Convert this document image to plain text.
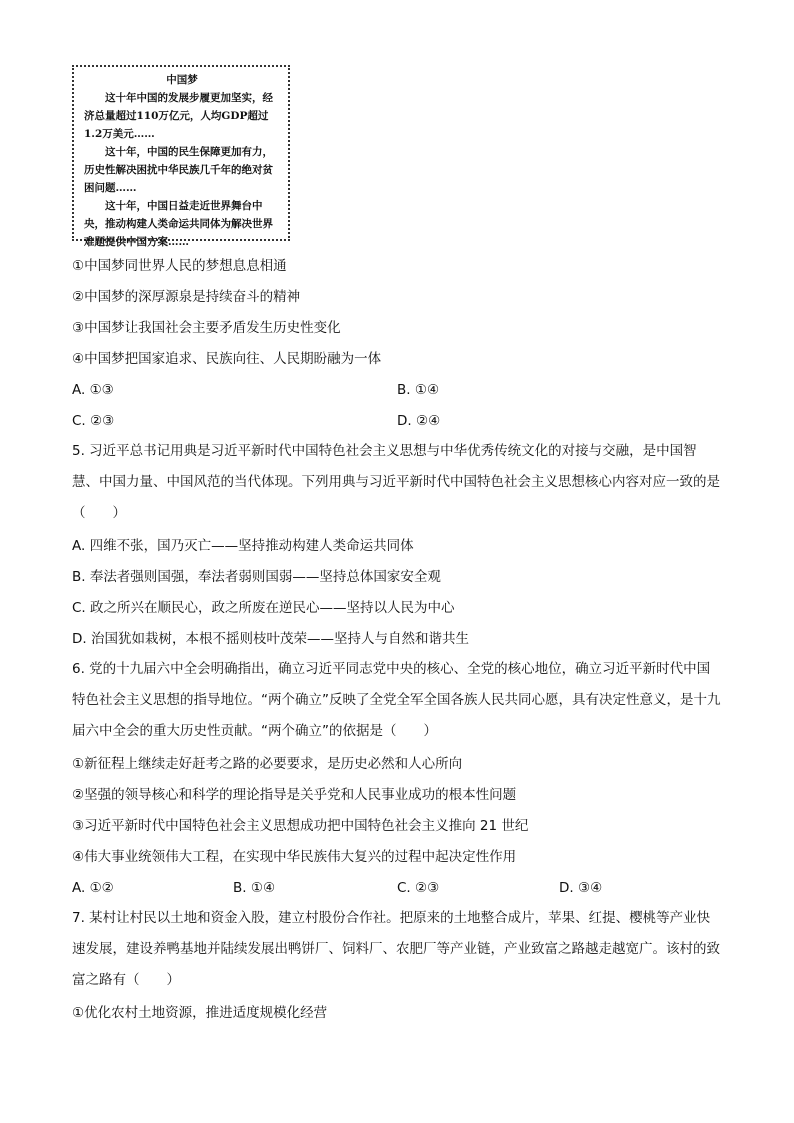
中国梦

这十年中国的发展步履更加坚实，经济总量超过110万亿元，人均GDP超过1.2万美元……

这十年，中国的民生保障更加有力，历史性解决困扰中华民族几千年的绝对贫困问题……

这十年，中国日益走近世界舞台中央，推动构建人类命运共同体为解决世界难题提供中国方案……

①中国梦同世界人民的梦想息息相通
②中国梦的深厚源泉是持续奋斗的精神
③中国梦让我国社会主要矛盾发生历史性变化
④中国梦把国家追求、民族向往、人民期盼融为一体
A. ①③	B. ①④
C. ②③	D. ②④
5. 习近平总书记用典是习近平新时代中国特色社会主义思想与中华优秀传统文化的对接与交融，是中国智慧、中国力量、中国风范的当代体现。下列用典与习近平新时代中国特色社会主义思想核心内容对应一致的是（　　）
A. 四维不张，国乃灭亡——坚持推动构建人类命运共同体
B. 奉法者强则国强，奉法者弱则国弱——坚持总体国家安全观
C. 政之所兴在顺民心，政之所废在逆民心——坚持以人民为中心
D. 治国犹如栽树，本根不摇则枝叶茂荣——坚持人与自然和谐共生
6. 党的十九届六中全会明确指出，确立习近平同志党中央的核心、全党的核心地位，确立习近平新时代中国特色社会主义思想的指导地位。“两个确立”反映了全党全军全国各族人民共同心愿，具有决定性意义，是十九届六中全会的重大历史性贡献。“两个确立”的依据是（　　）
①新征程上继续走好赶考之路的必要要求，是历史必然和人心所向
②坚强的领导核心和科学的理论指导是关乎党和人民事业成功的根本性问题
③习近平新时代中国特色社会主义思想成功把中国特色社会主义推向 21 世纪
④伟大事业统领伟大工程，在实现中华民族伟大复兴的过程中起决定性作用
A. ①②	B. ①④	C. ②③	D. ③④
7. 某村让村民以土地和资金入股，建立村股份合作社。把原来的土地整合成片，苹果、红提、樱桃等产业快速发展，建设养鸭基地并陆续发展出鸭饼厂、饲料厂、农肥厂等产业链，产业致富之路越走越宽广。该村的致富之路有（　　）
①优化农村土地资源，推进适度规模化经营
